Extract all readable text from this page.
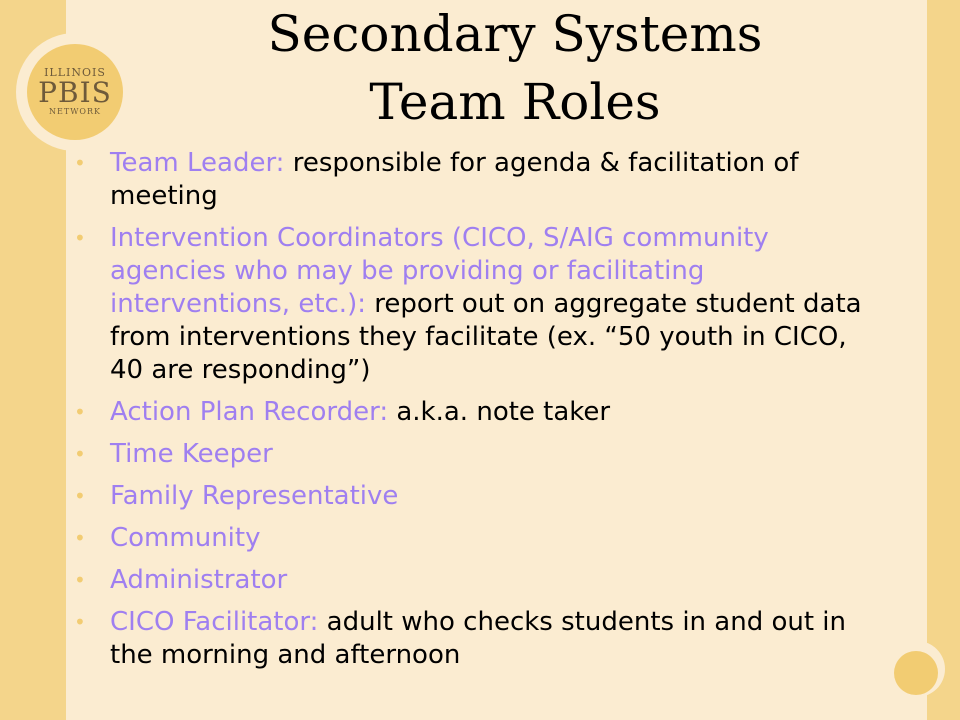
ILLINOIS
PBIS
NETWORK
Secondary Systems
Team Roles
• Team Leader: responsible for agenda & facilitation of meeting
• Intervention Coordinators (CICO, S/AIG community agencies who may be providing or facilitating interventions, etc.): report out on aggregate student data from interventions they facilitate (ex. “50 youth in CICO, 40 are responding”)
• Action Plan Recorder: a.k.a. note taker
• Time Keeper
• Family Representative
• Community
• Administrator
• CICO Facilitator: adult who checks students in and out in the morning and afternoon
